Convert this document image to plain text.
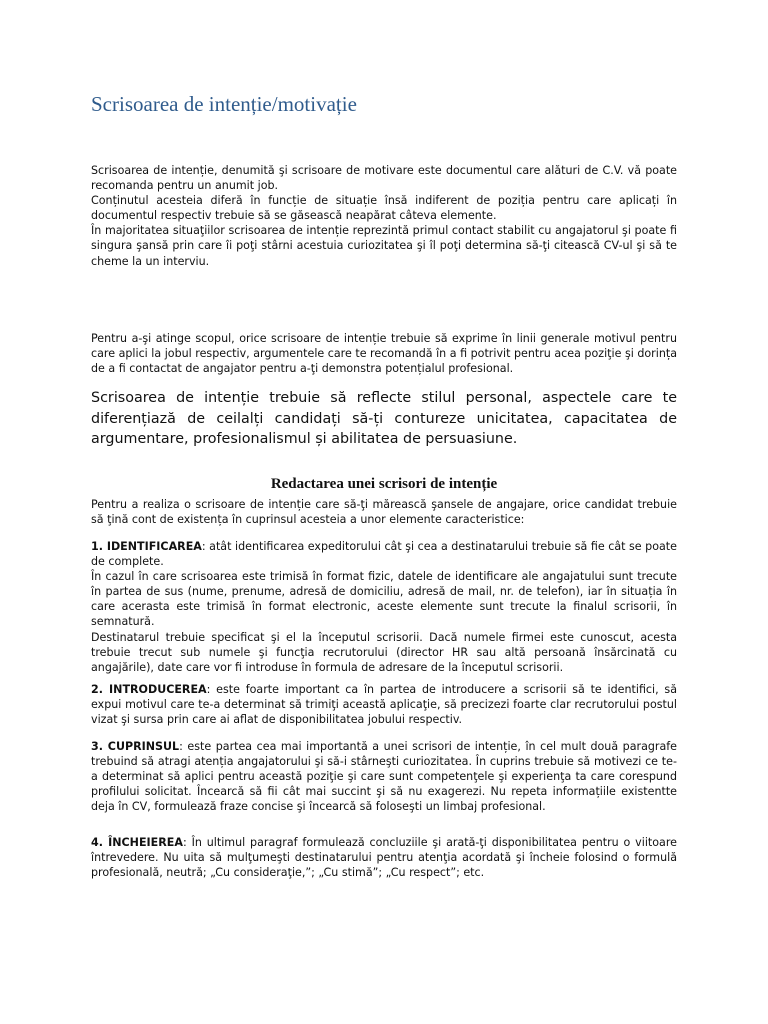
Scrisoarea de intenție/motivație

Scrisoarea de intenție, denumită şi scrisoare de motivare este documentul care alături de C.V. vă poate recomanda pentru un anumit job.

Conținutul acesteia diferă în funcție de situație însă indiferent de poziția pentru care aplicați în documentul respectiv trebuie să se găsească neapărat câteva elemente.

În majoritatea situaţiilor scrisoarea de intenție reprezintă primul contact stabilit cu angajatorul şi poate fi singura şansă prin care îi poţi stârni acestuia curiozitatea şi îl poţi determina să-ţi citească CV-ul şi să te cheme la un interviu.

Pentru a-şi atinge scopul, orice scrisoare de intenție trebuie să exprime în linii generale motivul pentru care aplici la jobul respectiv, argumentele care te recomandă în a fi potrivit pentru acea poziţie şi dorința de a fi contactat de angajator pentru a-ţi demonstra potențialul profesional.

Scrisoarea de intenție trebuie să reflecte stilul personal, aspectele care te diferențiază de ceilalți candidați să-ți contureze unicitatea, capacitatea de argumentare, profesionalismul și abilitatea de persuasiune.

Redactarea unei scrisori de intenție

Pentru a realiza o scrisoare de intenție care să-ţi mărească şansele de angajare, orice candidat trebuie să ţină cont de existența în cuprinsul acesteia a unor elemente caracteristice:

1. IDENTIFICAREA: atât identificarea expeditorului cât şi cea a destinatarului trebuie să fie cât se poate de complete.

În cazul în care scrisoarea este trimisă în format fizic, datele de identificare ale angajatului sunt trecute în partea de sus (nume, prenume, adresă de domiciliu, adresă de mail, nr. de telefon), iar în situația în care acerasta este trimisă în format electronic, aceste elemente sunt trecute la finalul scrisorii, în semnatură.

Destinatarul trebuie specificat şi el la începutul scrisorii. Dacă numele firmei este cunoscut, acesta trebuie trecut sub numele şi funcţia recrutorului (director HR sau altă persoană însărcinată cu angajările), date care vor fi introduse în formula de adresare de la începutul scrisorii.

2. INTRODUCEREA: este foarte important ca în partea de introducere a scrisorii să te identifici, să expui motivul care te-a determinat să trimiţi această aplicaţie, să precizezi foarte clar recrutorului postul vizat şi sursa prin care ai aflat de disponibilitatea jobului respectiv.

3. CUPRINSUL: este partea cea mai importantă a unei scrisori de intenție, în cel mult două paragrafe trebuind să atragi atenția angajatorului şi să-i stârneşti curiozitatea. În cuprins trebuie să motivezi ce te-a determinat să aplici pentru această poziţie şi care sunt competenţele şi experienţa ta care corespund profilului solicitat. Încearcă să fii cât mai succint şi să nu exagerezi. Nu repeta informațiile existentte deja în CV, formulează fraze concise şi încearcă să foloseşti un limbaj profesional.

4. ÎNCHEIEREA: În ultimul paragraf formulează concluziile şi arată-ţi disponibilitatea pentru o viitoare întrevedere. Nu uita să mulţumeşti destinatarului pentru atenţia acordată şi încheie folosind o formulă profesională, neutră; „Cu consideraţie,”; „Cu stimă”; „Cu respect”; etc.
